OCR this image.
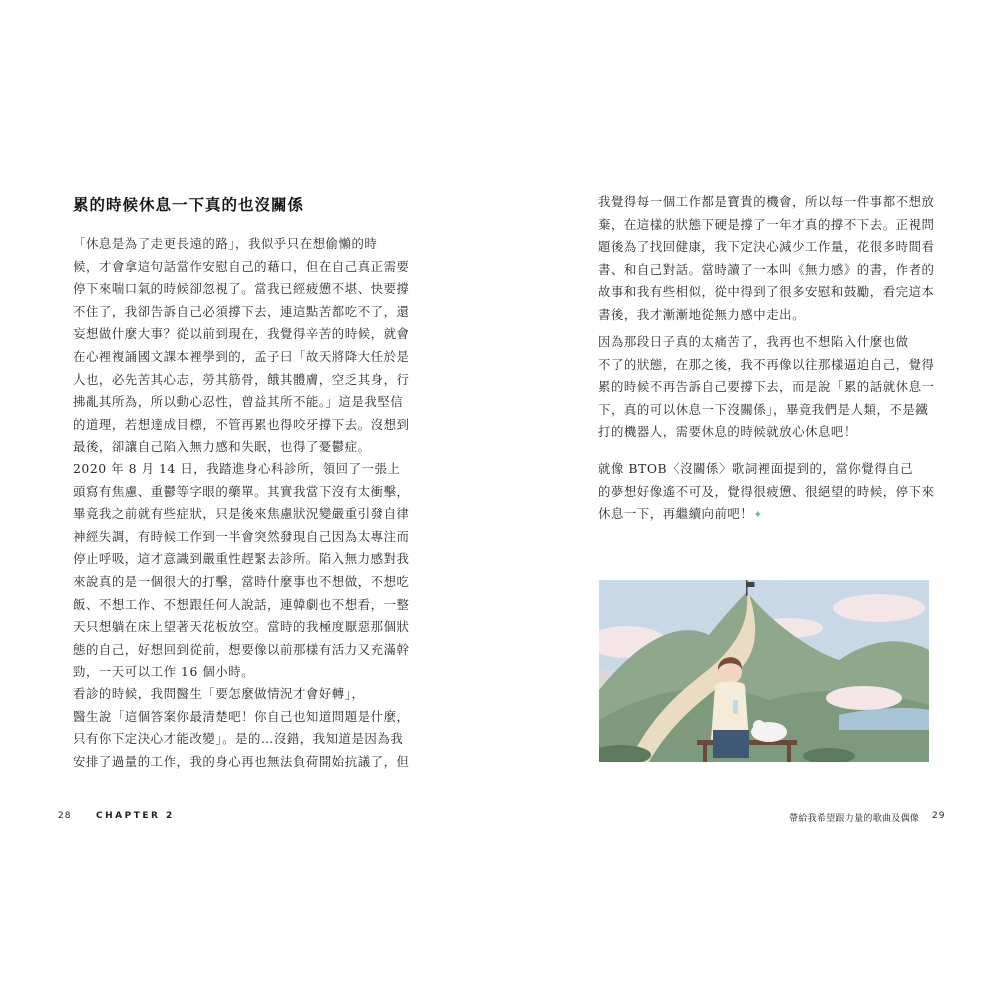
累的時候休息一下真的也沒關係

「休息是為了走更長遠的路」，我似乎只在想偷懶的時
候，才會拿這句話當作安慰自己的藉口，但在自己真正需要
停下來喘口氣的時候卻忽視了。當我已經疲憊不堪、快要撐
不住了，我卻告訴自己必須撐下去，連這點苦都吃不了，還
妄想做什麼大事？從以前到現在，我覺得辛苦的時候，就會
在心裡複誦國文課本裡學到的，孟子曰「故天將降大任於是
人也，必先苦其心志，勞其筋骨，餓其體膚，空乏其身，行
拂亂其所為，所以動心忍性，曾益其所不能。」這是我堅信
的道理，若想達成目標，不管再累也得咬牙撐下去。沒想到
最後，卻讓自己陷入無力感和失眠，也得了憂鬱症。

2020 年 8 月 14 日，我踏進身心科診所，領回了一張上
頭寫有焦慮、重鬱等字眼的藥單。其實我當下沒有太衝擊，
畢竟我之前就有些症狀，只是後來焦慮狀況變嚴重引發自律
神經失調，有時候工作到一半會突然發現自己因為太專注而
停止呼吸，這才意識到嚴重性趕緊去診所。陷入無力感對我
來說真的是一個很大的打擊，當時什麼事也不想做，不想吃
飯、不想工作、不想跟任何人說話，連韓劇也不想看，一整
天只想躺在床上望著天花板放空。當時的我極度厭惡那個狀
態的自己，好想回到從前，想要像以前那樣有活力又充滿幹
勁，一天可以工作 16 個小時。

看診的時候，我問醫生「要怎麼做情況才會好轉」，
醫生說「這個答案你最清楚吧！你自己也知道問題是什麼，
只有你下定決心才能改變」。是的…沒錯，我知道是因為我
安排了過量的工作，我的身心再也無法負荷開始抗議了，但

28	CHAPTER 2

我覺得每一個工作都是寶貴的機會，所以每一件事都不想放
棄，在這樣的狀態下硬是撐了一年才真的撐不下去。正視問
題後為了找回健康，我下定決心減少工作量，花很多時間看
書、和自己對話。當時讀了一本叫《無力感》的書，作者的
故事和我有些相似，從中得到了很多安慰和鼓勵，看完這本
書後，我才漸漸地從無力感中走出。

因為那段日子真的太痛苦了，我再也不想陷入什麼也做
不了的狀態，在那之後，我不再像以往那樣逼迫自己，覺得
累的時候不再告訴自己要撐下去，而是說「累的話就休息一
下，真的可以休息一下沒關係」，畢竟我們是人類，不是鐵
打的機器人，需要休息的時候就放心休息吧！

就像 BTOB〈沒關係〉歌詞裡面提到的，當你覺得自己
的夢想好像遙不可及，覺得很疲憊、很絕望的時候，停下來
休息一下，再繼續向前吧！✦

帶給我希望跟力量的歌曲及偶像 29
